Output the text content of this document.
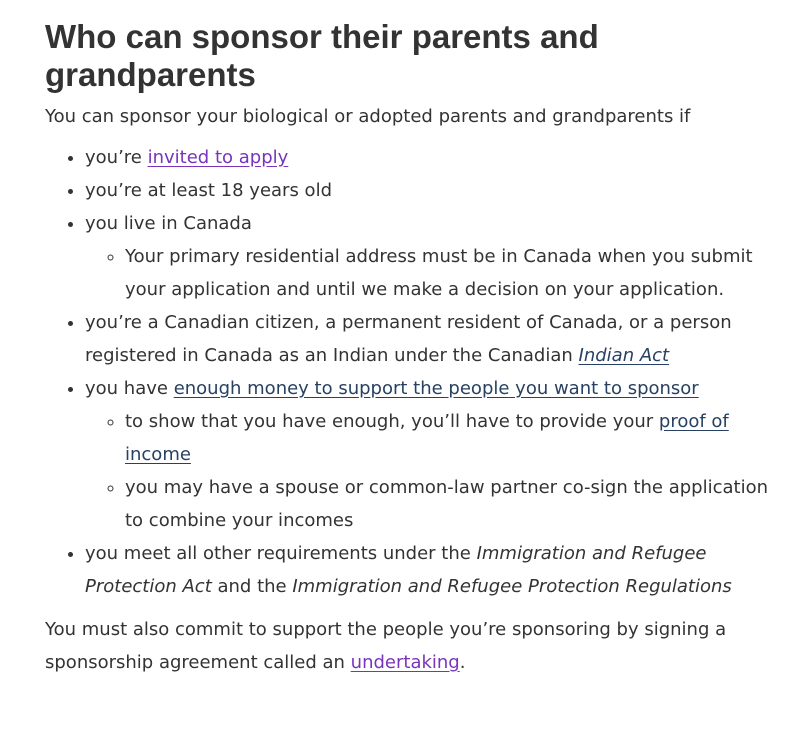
Who can sponsor their parents and grandparents

You can sponsor your biological or adopted parents and grandparents if

• you’re invited to apply
• you’re at least 18 years old
• you live in Canada
◦ Your primary residential address must be in Canada when you submit your application and until we make a decision on your application.
• you’re a Canadian citizen, a permanent resident of Canada, or a person registered in Canada as an Indian under the Canadian Indian Act
• you have enough money to support the people you want to sponsor
◦ to show that you have enough, you’ll have to provide your proof of income
◦ you may have a spouse or common-law partner co-sign the application to combine your incomes
• you meet all other requirements under the Immigration and Refugee Protection Act and the Immigration and Refugee Protection Regulations

You must also commit to support the people you’re sponsoring by signing a sponsorship agreement called an undertaking.
